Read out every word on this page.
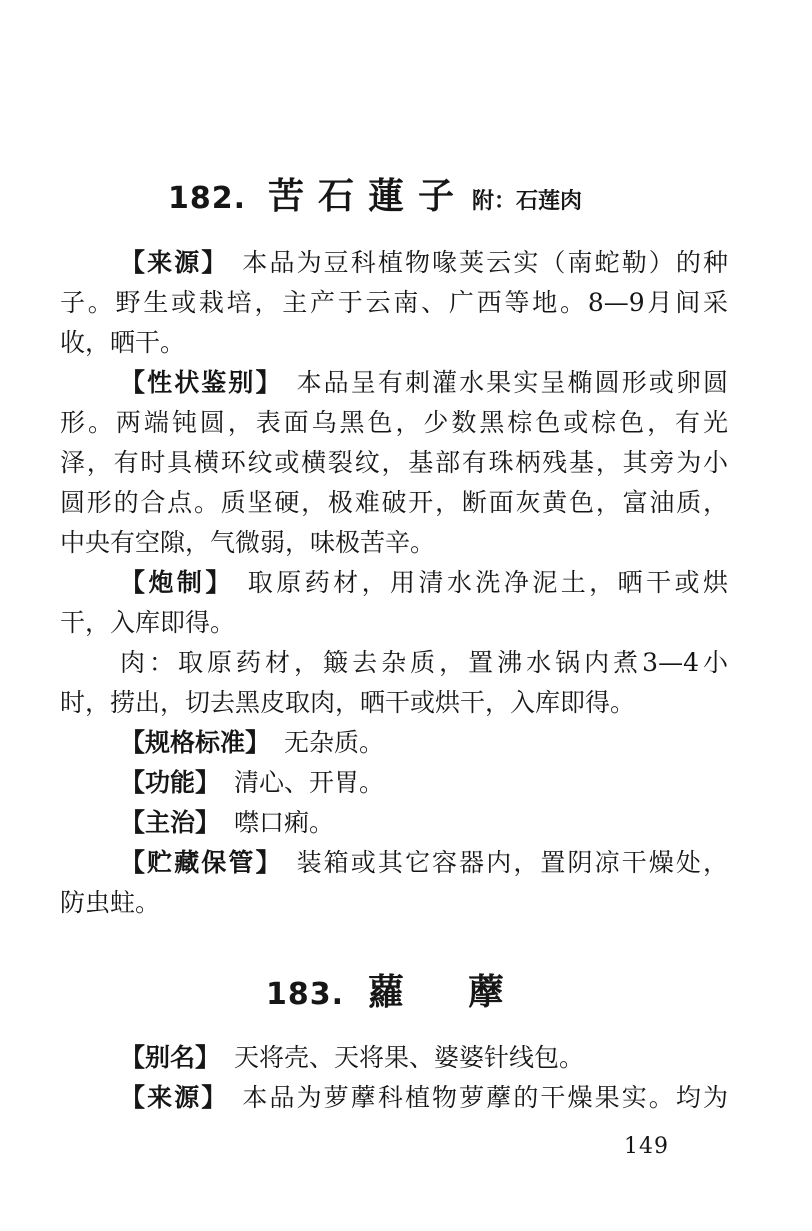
182. 苦石蓮子 附：石莲肉
【来源】 本品为豆科植物喙荚云实（南蛇勒）的种
子。野生或栽培，主产于云南、广西等地。8—9月间采
收，晒干。
【性状鉴别】 本品呈有刺灌水果实呈椭圆形或卵圆
形。两端钝圆，表面乌黑色，少数黑棕色或棕色，有光
泽，有时具横环纹或横裂纹，基部有珠柄残基，其旁为小
圆形的合点。质坚硬，极难破开，断面灰黄色，富油质，
中央有空隙，气微弱，味极苦辛。
【炮制】 取原药材，用清水洗净泥土，晒干或烘
干，入库即得。
肉：取原药材，簸去杂质，置沸水锅内煮3—4小
时，捞出，切去黑皮取肉，晒干或烘干，入库即得。
【规格标准】 无杂质。
【功能】 清心、开胃。
【主治】 噤口痢。
【贮藏保管】 装箱或其它容器内，置阴凉干燥处，
防虫蛀。
183. 蘿藦
【别名】 天将壳、天将果、婆婆针线包。
【来源】 本品为萝藦科植物萝藦的干燥果实。均为
149
